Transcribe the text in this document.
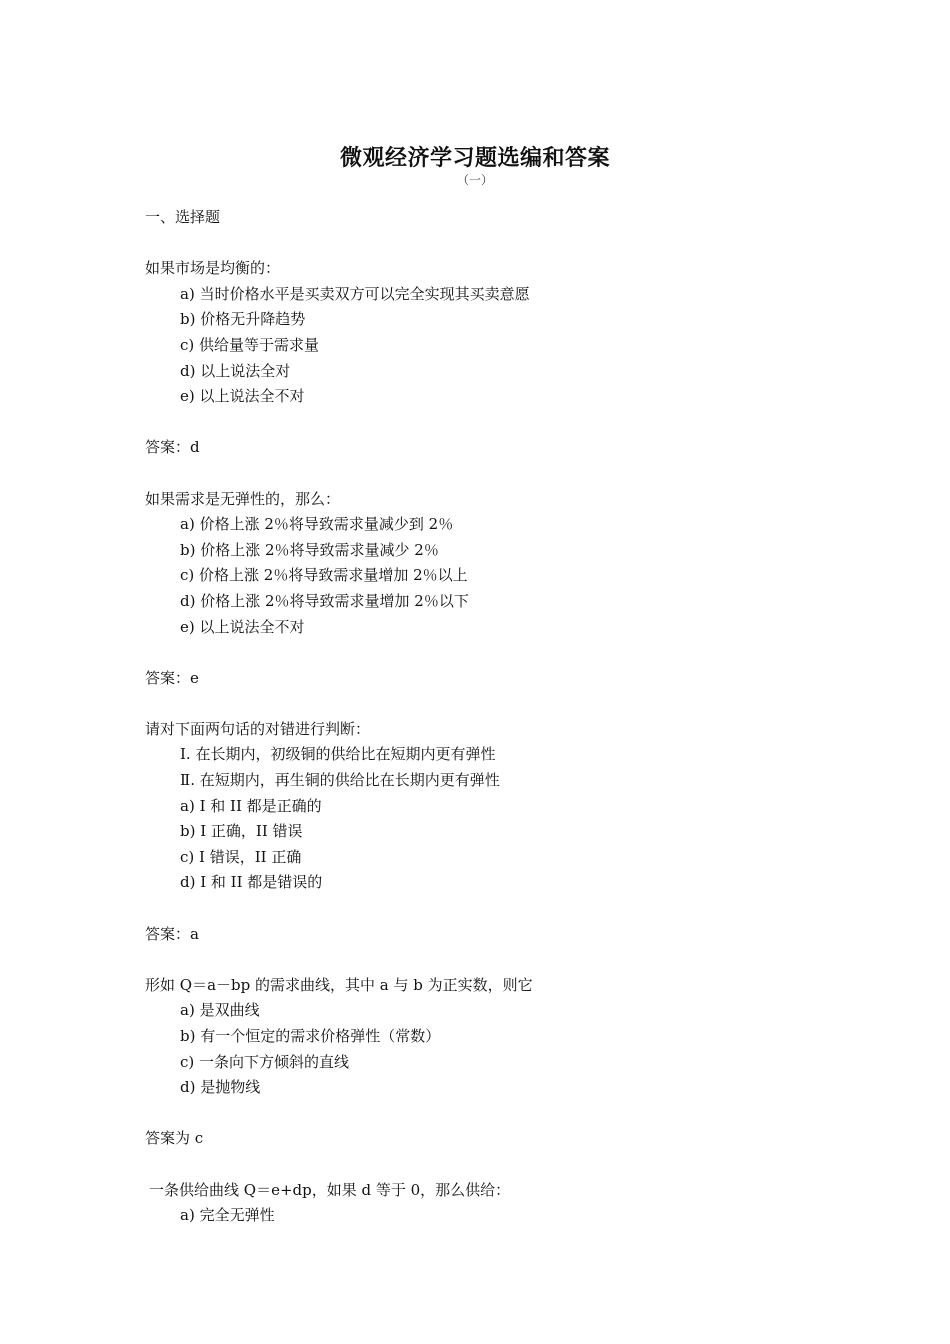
微观经济学习题选编和答案
（一）
一、选择题
如果市场是均衡的：
a) 当时价格水平是买卖双方可以完全实现其买卖意愿
b) 价格无升降趋势
c) 供给量等于需求量
d) 以上说法全对
e) 以上说法全不对
答案：d
如果需求是无弹性的，那么：
a) 价格上涨 2％将导致需求量减少到 2％
b) 价格上涨 2％将导致需求量减少 2％
c) 价格上涨 2％将导致需求量增加 2％以上
d) 价格上涨 2％将导致需求量增加 2％以下
e) 以上说法全不对
答案：e
请对下面两句话的对错进行判断：
I. 在长期内，初级铜的供给比在短期内更有弹性
Ⅱ. 在短期内，再生铜的供给比在长期内更有弹性
a) I 和 II 都是正确的
b) I 正确，II 错误
c) I 错误，II 正确
d) I 和 II 都是错误的
答案：a
形如 Q＝a－bp 的需求曲线，其中 a 与 b 为正实数，则它
a) 是双曲线
b) 有一个恒定的需求价格弹性（常数）
c) 一条向下方倾斜的直线
d) 是抛物线
答案为 c
一条供给曲线 Q＝e+dp，如果 d 等于 0，那么供给：
a) 完全无弹性
